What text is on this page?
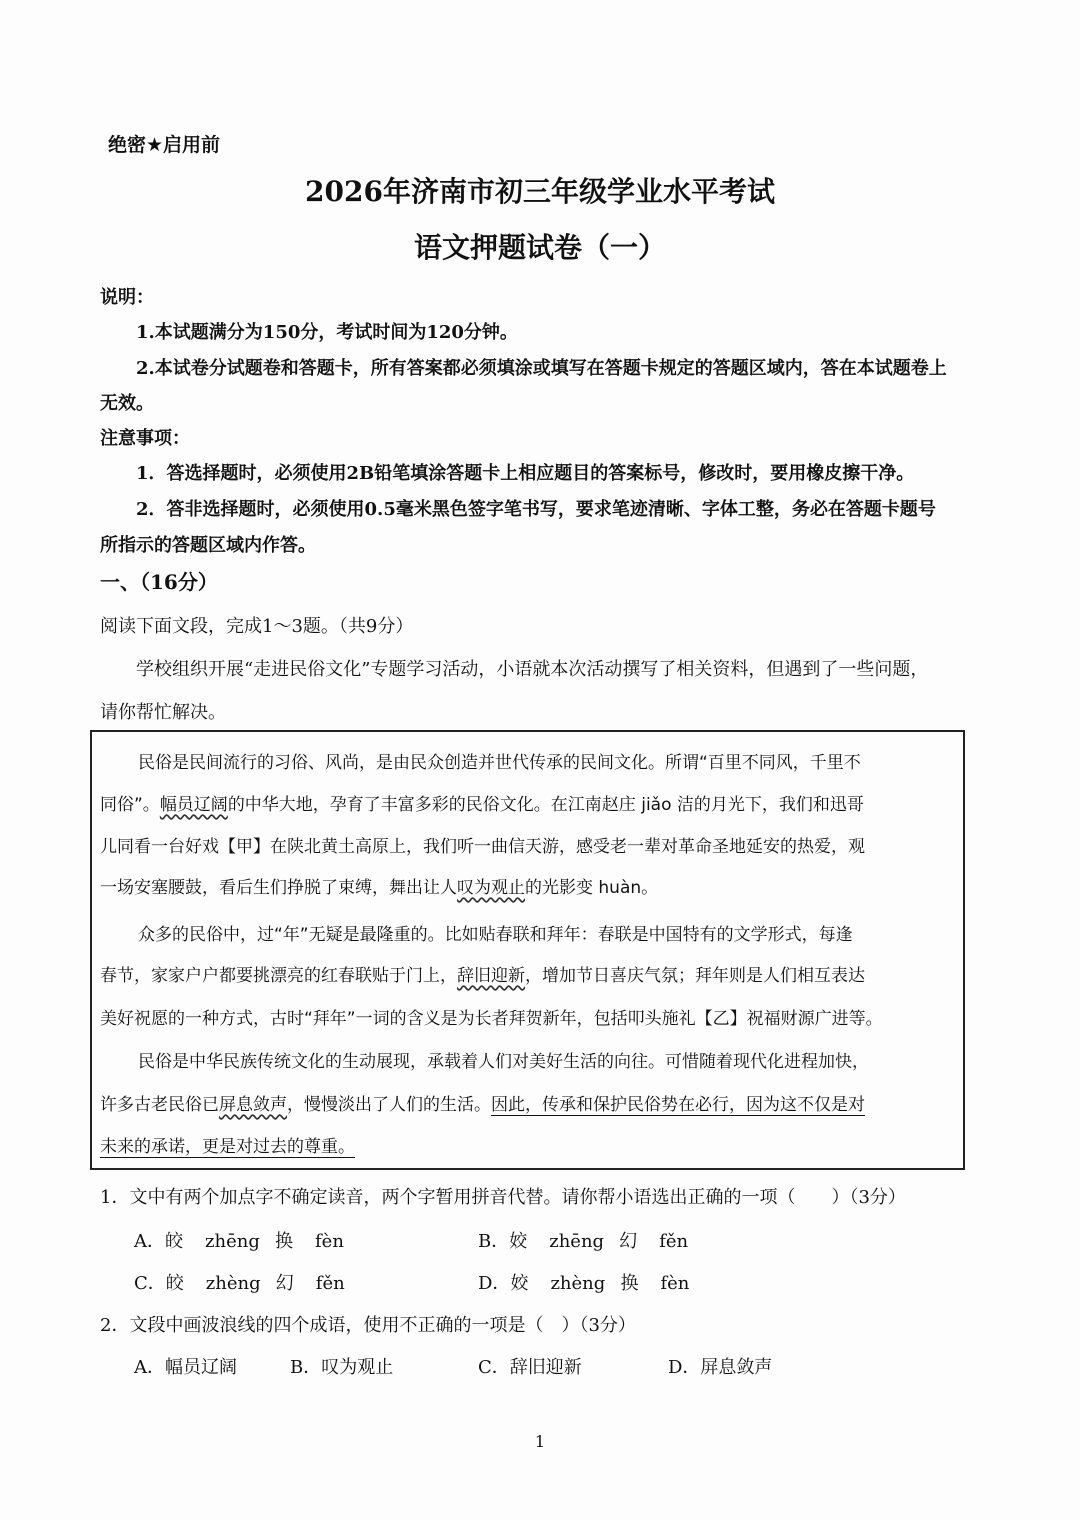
绝密★启用前
2026年济南市初三年级学业水平考试
语文押题试卷（一）
说明：
1.本试题满分为150分，考试时间为120分钟。
2.本试卷分试题卷和答题卡，所有答案都必须填涂或填写在答题卡规定的答题区域内，答在本试题卷上
无效。
注意事项：
1．答选择题时，必须使用2B铅笔填涂答题卡上相应题目的答案标号，修改时，要用橡皮擦干净。
2．答非选择题时，必须使用0.5毫米黑色签字笔书写，要求笔迹清晰、字体工整，务必在答题卡题号
所指示的答题区域内作答。
一、（16分）
阅读下面文段，完成1～3题。（共9分）
学校组织开展“走进民俗文化”专题学习活动，小语就本次活动撰写了相关资料，但遇到了一些问题，
请你帮忙解决。
民俗是民间流行的习俗、风尚，是由民众创造并世代传承的民间文化。所谓“百里不同风，千里不
同俗”。幅员辽阔的中华大地，孕育了丰富多彩的民俗文化。在江南赵庄 jiǎo 洁的月光下，我们和迅哥
儿同看一台好戏【甲】在陕北黄土高原上，我们听一曲信天游，感受老一辈对革命圣地延安的热爱，观
一场安塞腰鼓，看后生们挣脱了束缚，舞出让人叹为观止的光影变 huàn。
众多的民俗中，过“年”无疑是最隆重的。比如贴春联和拜年：春联是中国特有的文学形式，每逢
春节，家家户户都要挑漂亮的红春联贴于门上，辞旧迎新，增加节日喜庆气氛；拜年则是人们相互表达
美好祝愿的一种方式，古时“拜年”一词的含义是为长者拜贺新年，包括叩头施礼【乙】祝福财源广进等。
民俗是中华民族传统文化的生动展现，承载着人们对美好生活的向往。可惜随着现代化进程加快，
许多古老民俗已屏息敛声，慢慢淡出了人们的生活。因此，传承和保护民俗势在必行，因为这不仅是对
未来的承诺，更是对过去的尊重。
1．文中有两个加点字不确定读音，两个字暂用拼音代替。请你帮小语选出正确的一项（　　）（3分）
A．皎 zhēng 换 fèn	B．姣 zhēng 幻 fěn
C．皎 zhèng 幻 fěn	D．姣 zhèng 换 fèn
2．文段中画波浪线的四个成语，使用不正确的一项是（　）（3分）
A．幅员辽阔	B．叹为观止	C．辞旧迎新	D．屏息敛声
1
